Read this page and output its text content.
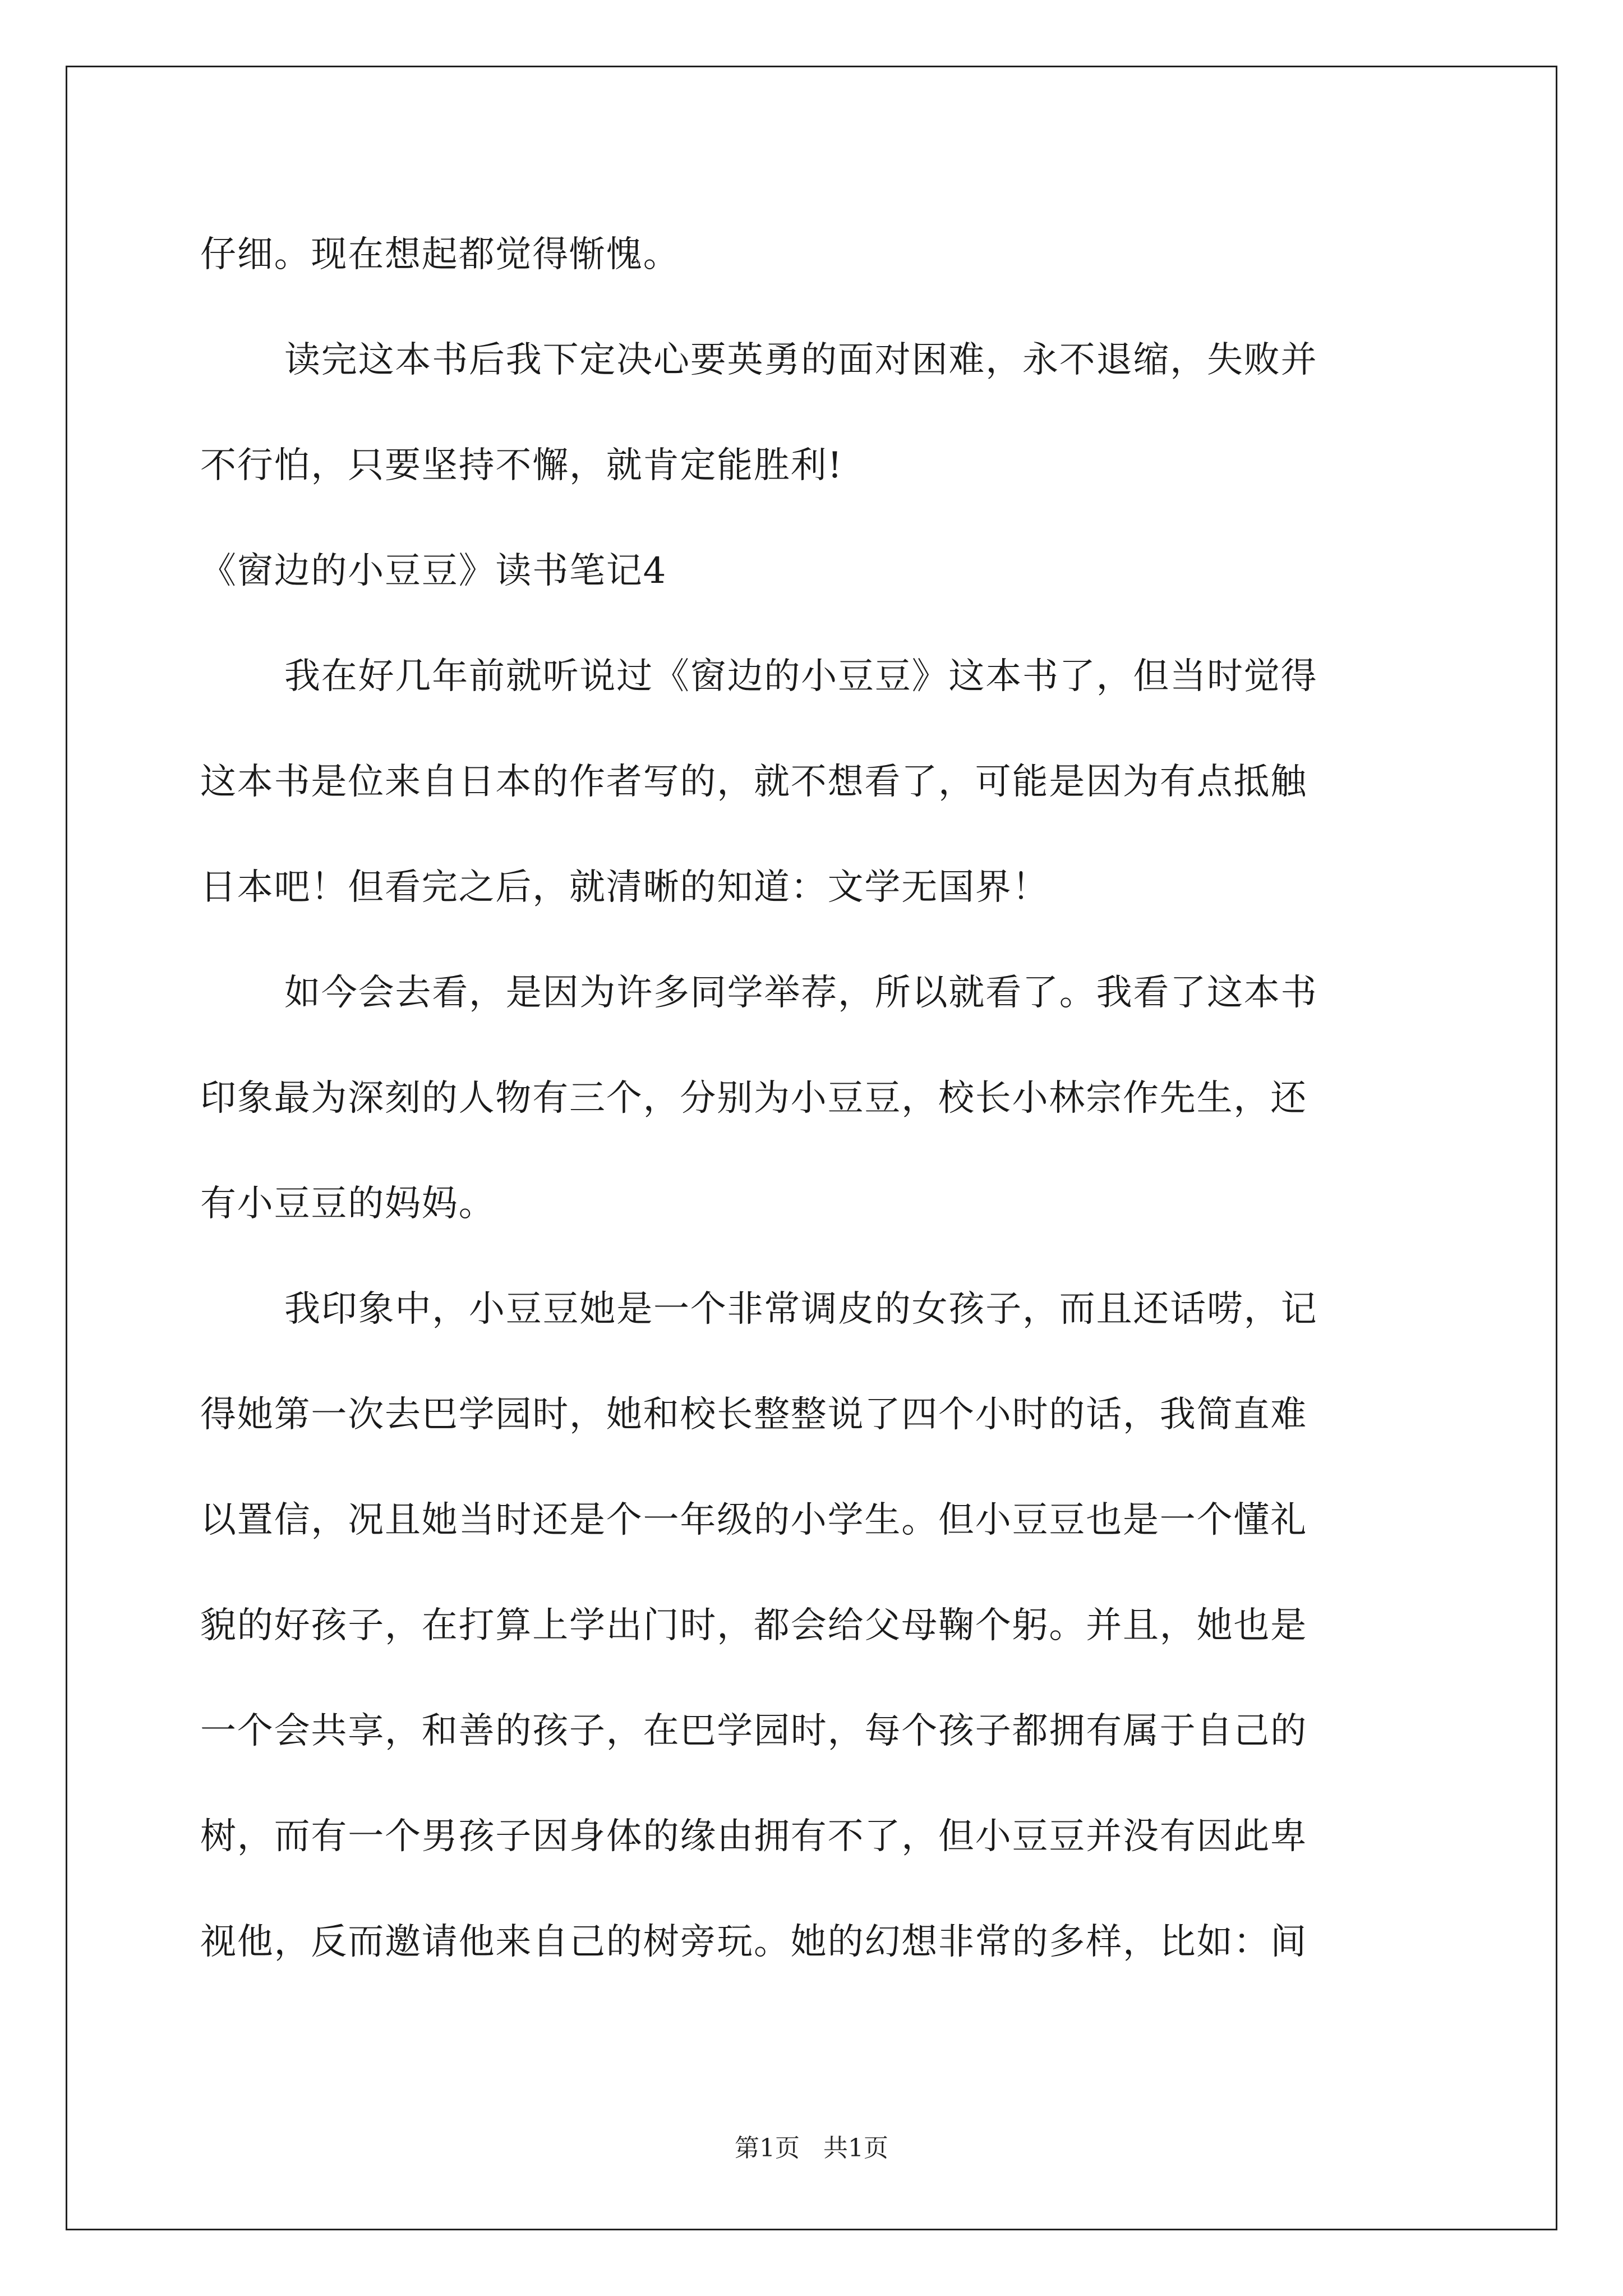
仔细。现在想起都觉得惭愧。
读完这本书后我下定决心要英勇的面对困难，永不退缩，失败并
不行怕，只要坚持不懈，就肯定能胜利!
《窗边的小豆豆》读书笔记4
我在好几年前就听说过《窗边的小豆豆》这本书了，但当时觉得
这本书是位来自日本的作者写的，就不想看了，可能是因为有点抵触
日本吧！但看完之后，就清晰的知道：文学无国界！
如今会去看，是因为许多同学举荐，所以就看了。我看了这本书
印象最为深刻的人物有三个，分别为小豆豆，校长小林宗作先生，还
有小豆豆的妈妈。
我印象中，小豆豆她是一个非常调皮的女孩子，而且还话唠，记
得她第一次去巴学园时，她和校长整整说了四个小时的话，我简直难
以置信，况且她当时还是个一年级的小学生。但小豆豆也是一个懂礼
貌的好孩子，在打算上学出门时，都会给父母鞠个躬。并且，她也是
一个会共享，和善的孩子，在巴学园时，每个孩子都拥有属于自己的
树，而有一个男孩子因身体的缘由拥有不了，但小豆豆并没有因此卑
视他，反而邀请他来自己的树旁玩。她的幻想非常的多样，比如：间
第1页 共1页
